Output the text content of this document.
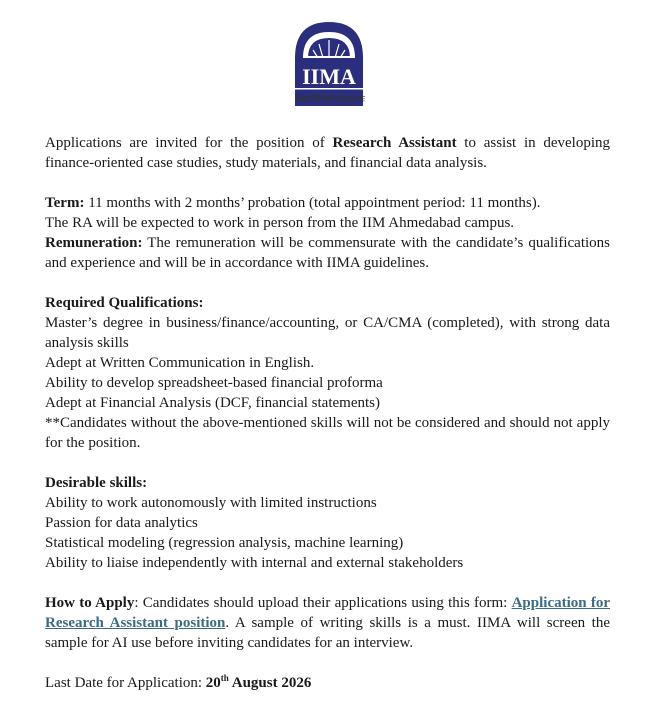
IIMA
विद्याविनियोगाद्विकासः

Applications are invited for the position of Research Assistant to assist in developing finance-oriented case studies, study materials, and financial data analysis.

Term: 11 months with 2 months’ probation (total appointment period: 11 months).

The RA will be expected to work in person from the IIM Ahmedabad campus.

Remuneration: The remuneration will be commensurate with the candidate’s qualifications and experience and will be in accordance with IIMA guidelines.

Required Qualifications:

Master’s degree in business/finance/accounting, or CA/CMA (completed), with strong data analysis skills

Adept at Written Communication in English.

Ability to develop spreadsheet-based financial proforma

Adept at Financial Analysis (DCF, financial statements)

**Candidates without the above-mentioned skills will not be considered and should not apply for the position.

Desirable skills:

Ability to work autonomously with limited instructions

Passion for data analytics

Statistical modeling (regression analysis, machine learning)

Ability to liaise independently with internal and external stakeholders

How to Apply: Candidates should upload their applications using this form: Application for Research Assistant position. A sample of writing skills is a must. IIMA will screen the sample for AI use before inviting candidates for an interview.

Last Date for Application: 20th August 2026
